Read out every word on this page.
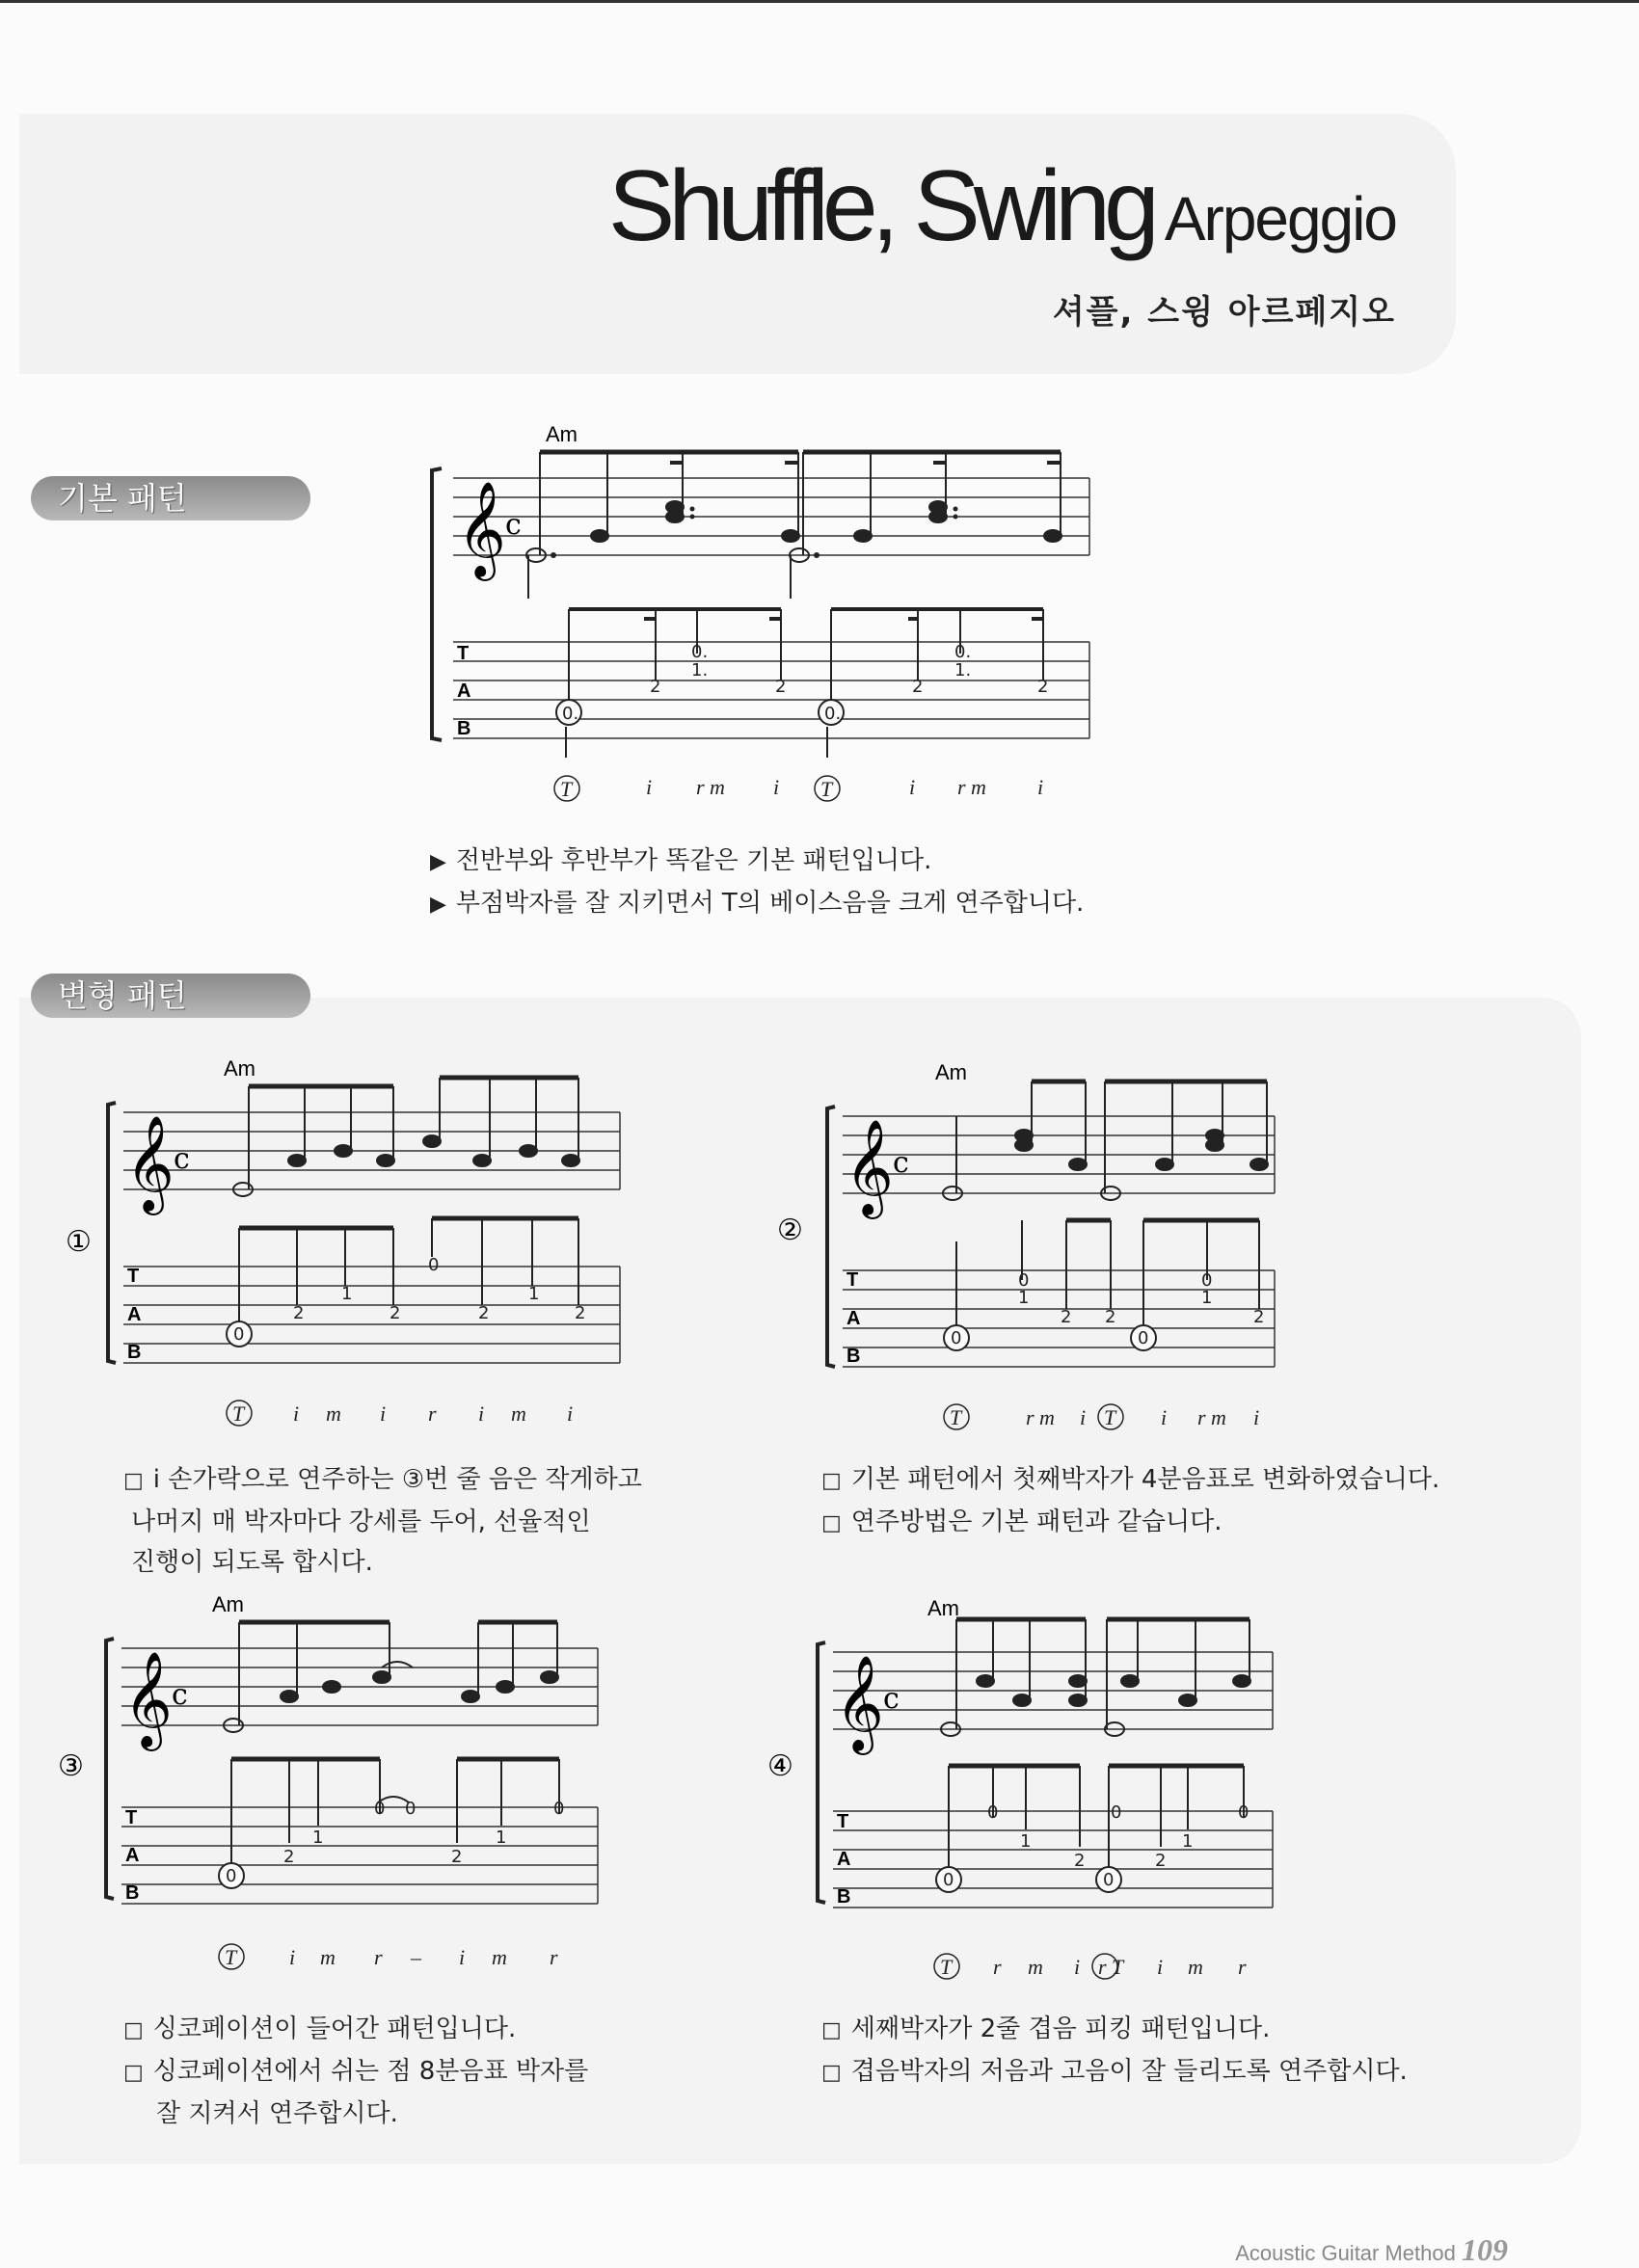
Shuffle, Swing Arpeggio
셔플, 스윙 아르페지오
기본 패턴
Am
𝄞 c
T
A
B
0.
2
0.
1.
2
0.
2
0.
1.
2
T	i r m i T	i r m i
▶ 전반부와 후반부가 똑같은 기본 패턴입니다.
▶ 부점박자를 잘 지키면서 T의 베이스음을 크게 연주합니다.
변형 패턴
①
Am
𝄞 c
T
A
B
0
2
1
2
0
2
1
2
T i m i r i m i
②
Am
𝄞 c
T
A
B
0	0
0
1
2 2
0
1
2
T	r m i T i r m i
□ i 손가락으로 연주하는 ③번 줄 음은 작게하고
나머지 매 박자마다 강세를 두어, 선율적인
진행이 되도록 합시다.
□ 기본 패턴에서 첫째박자가 4분음표로 변화하였습니다.
□ 연주방법은 기본 패턴과 같습니다.
③
Am
𝄞 c
T
A
B
0
2
1
0 0
2
1
0
T i m r – i m r
④
Am
𝄞 c
T
A
B
0	0
0
1
2	2
0
1
0
T r m i r T i m r
□ 싱코페이션이 들어간 패턴입니다.
□ 싱코페이션에서 쉬는 점 8분음표 박자를
잘 지켜서 연주합시다.
□ 세째박자가 2줄 겹음 피킹 패턴입니다.
□ 겹음박자의 저음과 고음이 잘 들리도록 연주합시다.
Acoustic Guitar Method 109
